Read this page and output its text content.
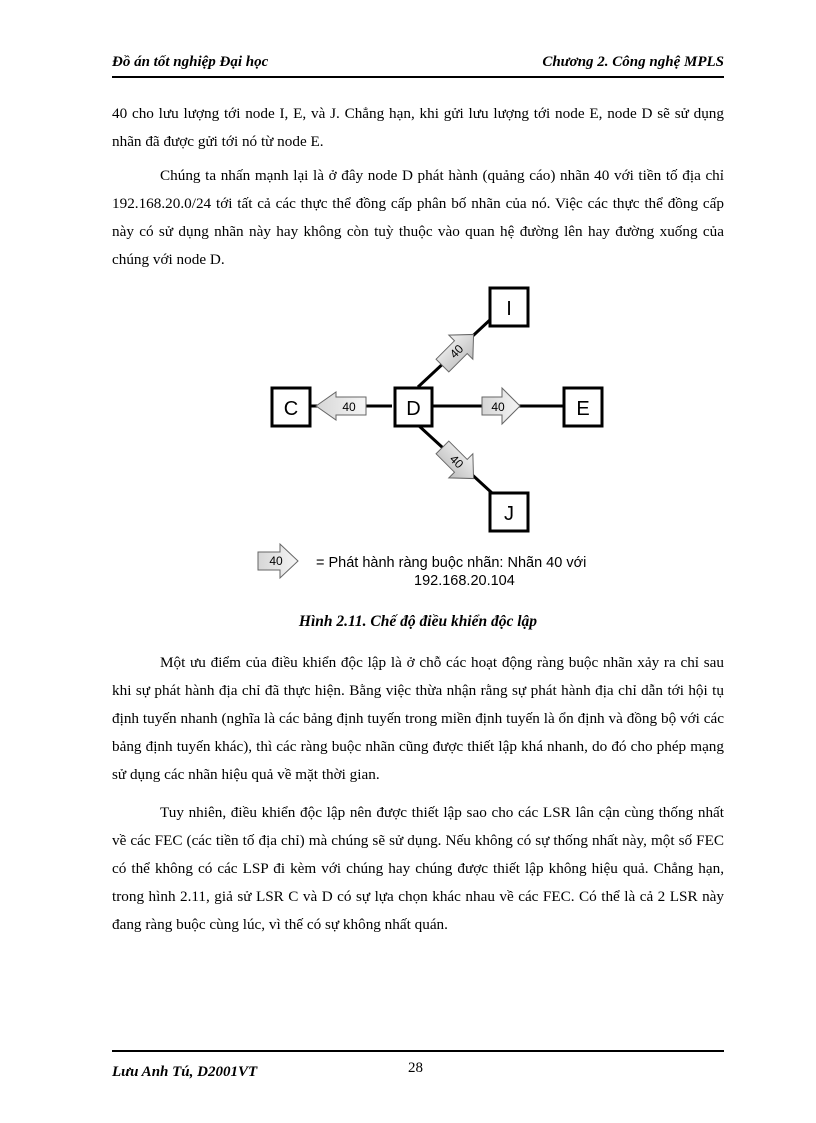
Đồ án tốt nghiệp Đại học	Chương 2. Công nghệ MPLS

40 cho lưu lượng tới node I, E, và J. Chẳng hạn, khi gửi lưu lượng tới node E, node D sẽ sử dụng nhãn đã được gửi tới nó từ node E.

Chúng ta nhấn mạnh lại là ở đây node D phát hành (quảng cáo) nhãn 40 với tiền tố địa chỉ 192.168.20.0/24 tới tất cả các thực thể đồng cấp phân bố nhãn của nó. Việc các thực thể đồng cấp này có sử dụng nhãn này hay không còn tuỳ thuộc vào quan hệ đường lên hay đường xuống của chúng với node D.

C	D	E
I
J
40	40
40
40
40 = Phát hành ràng buộc nhãn: Nhãn 40 với
192.168.20.104
Hình 2.11. Chế độ điều khiển độc lập

Một ưu điểm của điều khiển độc lập là ở chỗ các hoạt động ràng buộc nhãn xảy ra chỉ sau khi sự phát hành địa chỉ đã thực hiện. Bằng việc thừa nhận rằng sự phát hành địa chỉ dẫn tới hội tụ định tuyến nhanh (nghĩa là các bảng định tuyến trong miền định tuyến là ổn định và đồng bộ với các bảng định tuyến khác), thì các ràng buộc nhãn cũng được thiết lập khá nhanh, do đó cho phép mạng sử dụng các nhãn hiệu quả về mặt thời gian.

Tuy nhiên, điều khiển độc lập nên được thiết lập sao cho các LSR lân cận cùng thống nhất về các FEC (các tiền tố địa chỉ) mà chúng sẽ sử dụng. Nếu không có sự thống nhất này, một số FEC có thể không có các LSP đi kèm với chúng hay chúng được thiết lập không hiệu quả. Chẳng hạn, trong hình 2.11, giả sử LSR C và D có sự lựa chọn khác nhau về các FEC. Có thể là cả 2 LSR này đang ràng buộc cùng lúc, vì thế có sự không nhất quán.

Lưu Anh Tú, D2001VT	28
